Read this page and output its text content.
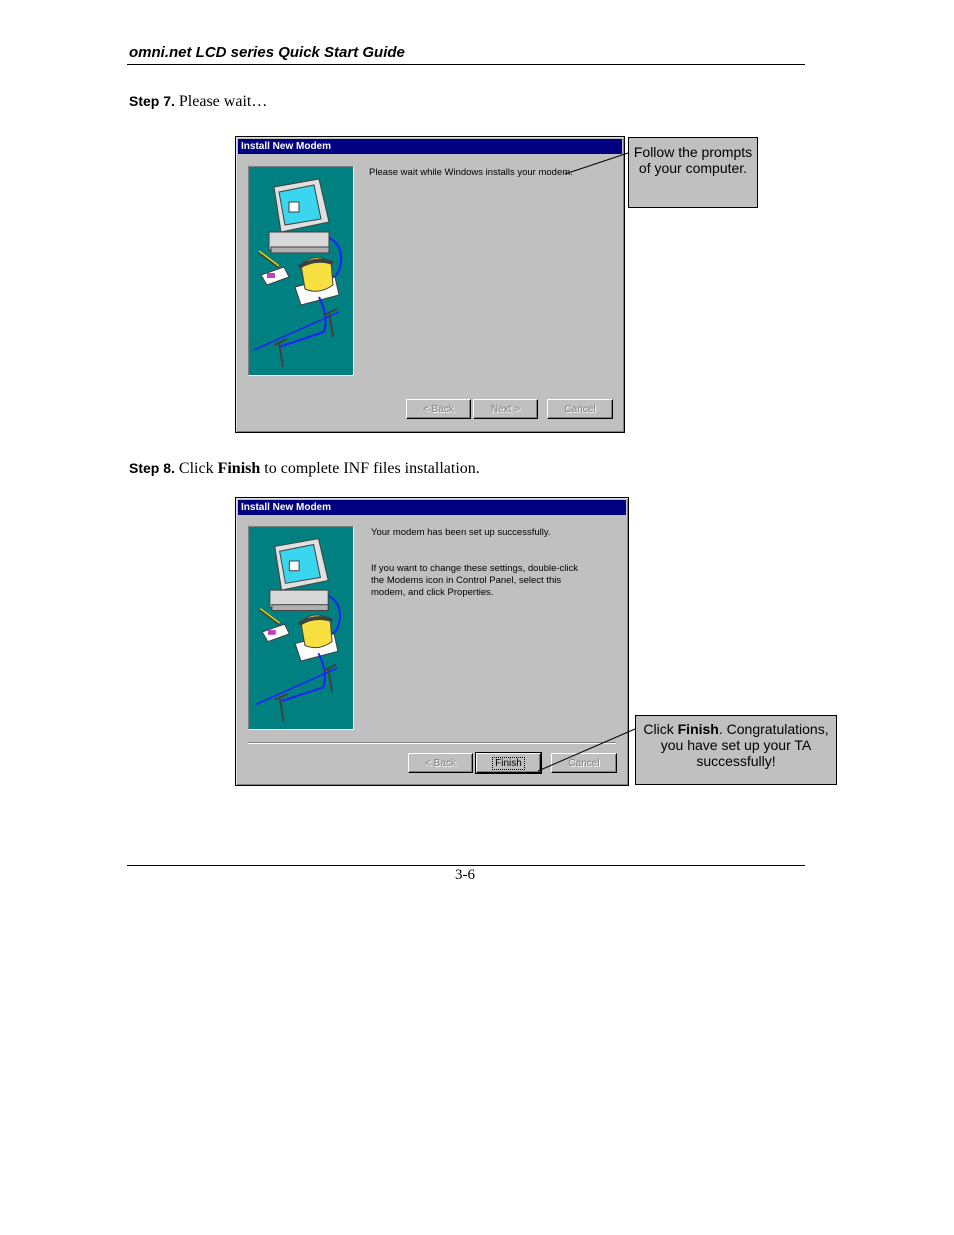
omni.net LCD series Quick Start Guide
Step 7. Please wait…
Install New Modem
Please wait while Windows installs your modem.
< Back	Next >	Cancel
Follow the prompts of your computer.
Step 8. Click Finish to complete INF files installation.
Install New Modem
Your modem has been set up successfully.
If you want to change these settings, double-click the Modems icon in Control Panel, select this modem, and click Properties.
< Back	Finish	Cancel
Click Finish. Congratulations, you have set up your TA successfully!
3-6
